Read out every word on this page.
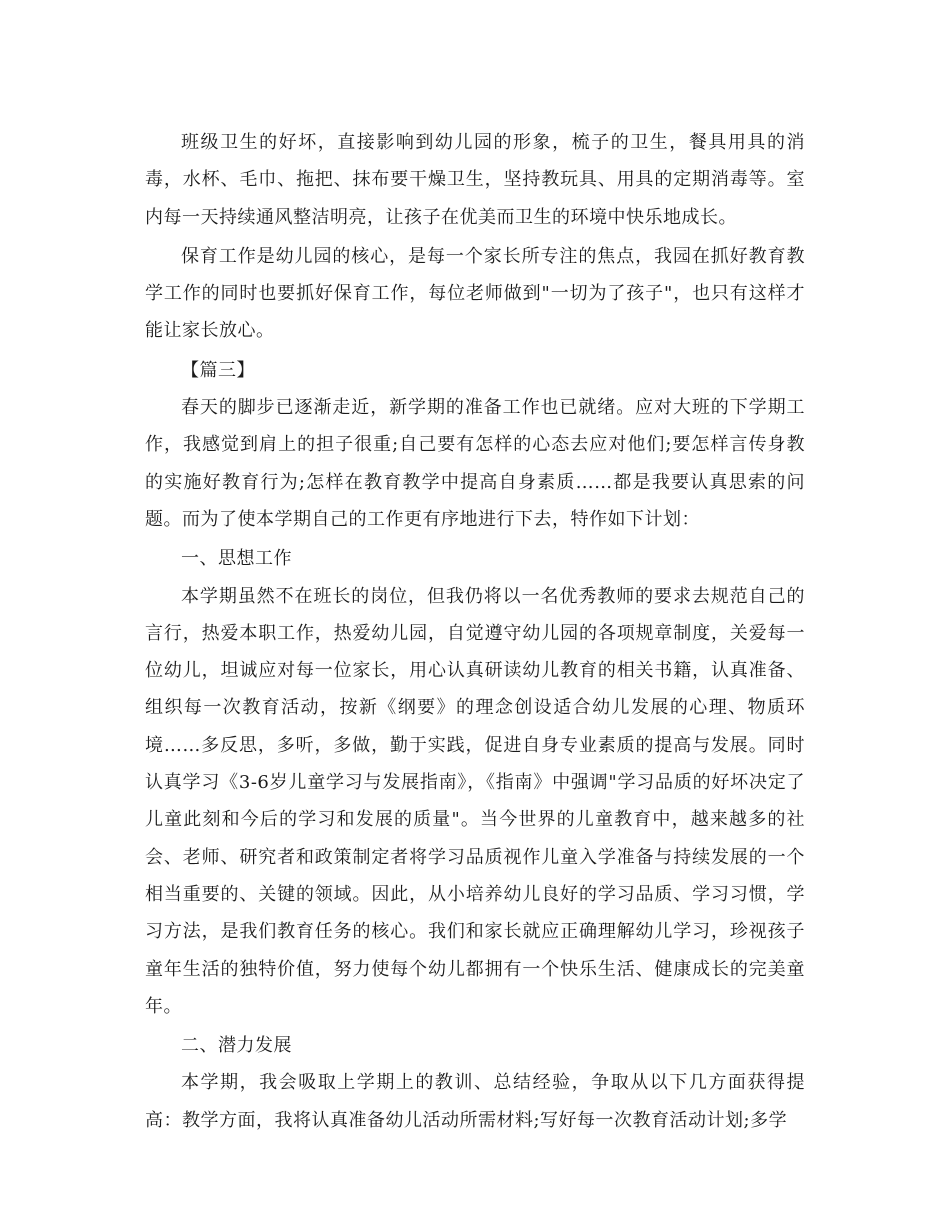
班级卫生的好坏，直接影响到幼儿园的形象，梳子的卫生，餐具用具的消毒，水杯、毛巾、拖把、抹布要干燥卫生，坚持教玩具、用具的定期消毒等。室内每一天持续通风整洁明亮，让孩子在优美而卫生的环境中快乐地成长。

保育工作是幼儿园的核心，是每一个家长所专注的焦点，我园在抓好教育教学工作的同时也要抓好保育工作，每位老师做到"一切为了孩子"，也只有这样才能让家长放心。

【篇三】

春天的脚步已逐渐走近，新学期的准备工作也已就绪。应对大班的下学期工作，我感觉到肩上的担子很重;自己要有怎样的心态去应对他们;要怎样言传身教的实施好教育行为;怎样在教育教学中提高自身素质……都是我要认真思索的问题。而为了使本学期自己的工作更有序地进行下去，特作如下计划：

一、思想工作

本学期虽然不在班长的岗位，但我仍将以一名优秀教师的要求去规范自己的言行，热爱本职工作，热爱幼儿园，自觉遵守幼儿园的各项规章制度，关爱每一位幼儿，坦诚应对每一位家长，用心认真研读幼儿教育的相关书籍，认真准备、组织每一次教育活动，按新《纲要》的理念创设适合幼儿发展的心理、物质环境……多反思，多听，多做，勤于实践，促进自身专业素质的提高与发展。同时认真学习《3-6岁儿童学习与发展指南》，《指南》中强调"学习品质的好坏决定了儿童此刻和今后的学习和发展的质量"。当今世界的儿童教育中，越来越多的社会、老师、研究者和政策制定者将学习品质视作儿童入学准备与持续发展的一个相当重要的、关键的领域。因此，从小培养幼儿良好的学习品质、学习习惯，学习方法，是我们教育任务的核心。我们和家长就应正确理解幼儿学习，珍视孩子童年生活的独特价值，努力使每个幼儿都拥有一个快乐生活、健康成长的完美童年。

二、潜力发展

本学期，我会吸取上学期上的教训、总结经验，争取从以下几方面获得提高：教学方面，我将认真准备幼儿活动所需材料;写好每一次教育活动计划;多学
